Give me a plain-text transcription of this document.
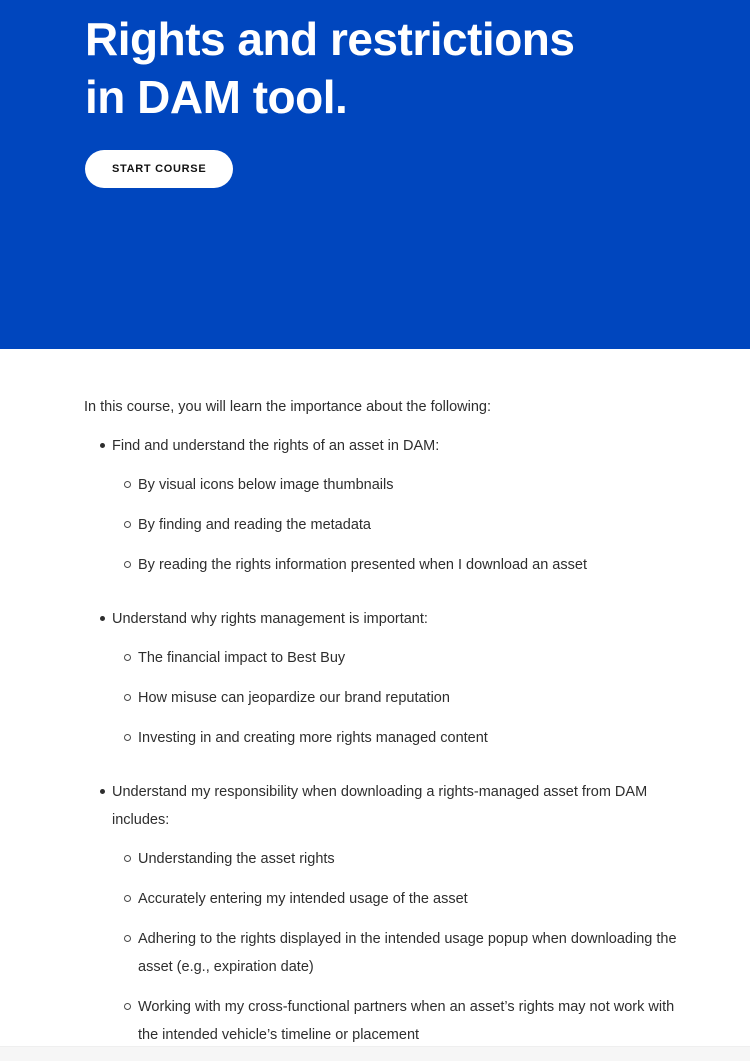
Rights and restrictions
in DAM tool.
START COURSE

In this course, you will learn the importance about the following:

Find and understand the rights of an asset in DAM:

By visual icons below image thumbnails

By finding and reading the metadata

By reading the rights information presented when I download an asset

Understand why rights management is important:

The financial impact to Best Buy

How misuse can jeopardize our brand reputation

Investing in and creating more rights managed content

Understand my responsibility when downloading a rights-managed asset from DAM includes:

Understanding the asset rights

Accurately entering my intended usage of the asset

Adhering to the rights displayed in the intended usage popup when downloading the asset (e.g., expiration date)

Working with my cross-functional partners when an asset’s rights may not work with the intended vehicle’s timeline or placement
